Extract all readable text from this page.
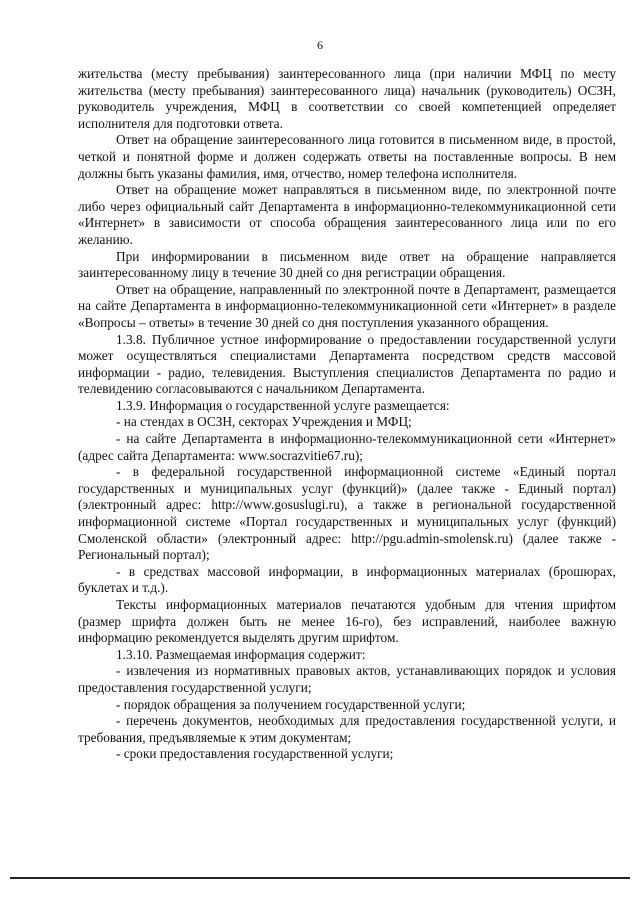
6

жительства (месту пребывания) заинтересованного лица (при наличии МФЦ по месту жительства (месту пребывания) заинтересованного лица) начальник (руководитель) ОСЗН, руководитель учреждения, МФЦ в соответствии со своей компетенцией определяет исполнителя для подготовки ответа.

Ответ на обращение заинтересованного лица готовится в письменном виде, в простой, четкой и понятной форме и должен содержать ответы на поставленные вопросы. В нем должны быть указаны фамилия, имя, отчество, номер телефона исполнителя.

Ответ на обращение может направляться в письменном виде, по электронной почте либо через официальный сайт Департамента в информационно-телекоммуникационной сети «Интернет» в зависимости от способа обращения заинтересованного лица или по его желанию.

При информировании в письменном виде ответ на обращение направляется заинтересованному лицу в течение 30 дней со дня регистрации обращения.

Ответ на обращение, направленный по электронной почте в Департамент, размещается на сайте Департамента в информационно-телекоммуникационной сети «Интернет» в разделе «Вопросы – ответы» в течение 30 дней со дня поступления указанного обращения.

1.3.8. Публичное устное информирование о предоставлении государственной услуги может осуществляться специалистами Департамента посредством средств массовой информации - радио, телевидения. Выступления специалистов Департамента по радио и телевидению согласовываются с начальником Департамента.

1.3.9. Информация о государственной услуге размещается:

- на стендах в ОСЗН, секторах Учреждения и МФЦ;

- на сайте Департамента в информационно-телекоммуникационной сети «Интернет» (адрес сайта Департамента: www.socrazvitie67.ru);

- в федеральной государственной информационной системе «Единый портал государственных и муниципальных услуг (функций)» (далее также - Единый портал) (электронный адрес: http://www.gosuslugi.ru), а также в региональной государственной информационной системе «Портал государственных и муниципальных услуг (функций) Смоленской области» (электронный адрес: http://pgu.admin-smolensk.ru) (далее также - Региональный портал);

- в средствах массовой информации, в информационных материалах (брошюрах, буклетах и т.д.).

Тексты информационных материалов печатаются удобным для чтения шрифтом (размер шрифта должен быть не менее 16-го), без исправлений, наиболее важную информацию рекомендуется выделять другим шрифтом.

1.3.10. Размещаемая информация содержит:

- извлечения из нормативных правовых актов, устанавливающих порядок и условия предоставления государственной услуги;

- порядок обращения за получением государственной услуги;

- перечень документов, необходимых для предоставления государственной услуги, и требования, предъявляемые к этим документам;

- сроки предоставления государственной услуги;
